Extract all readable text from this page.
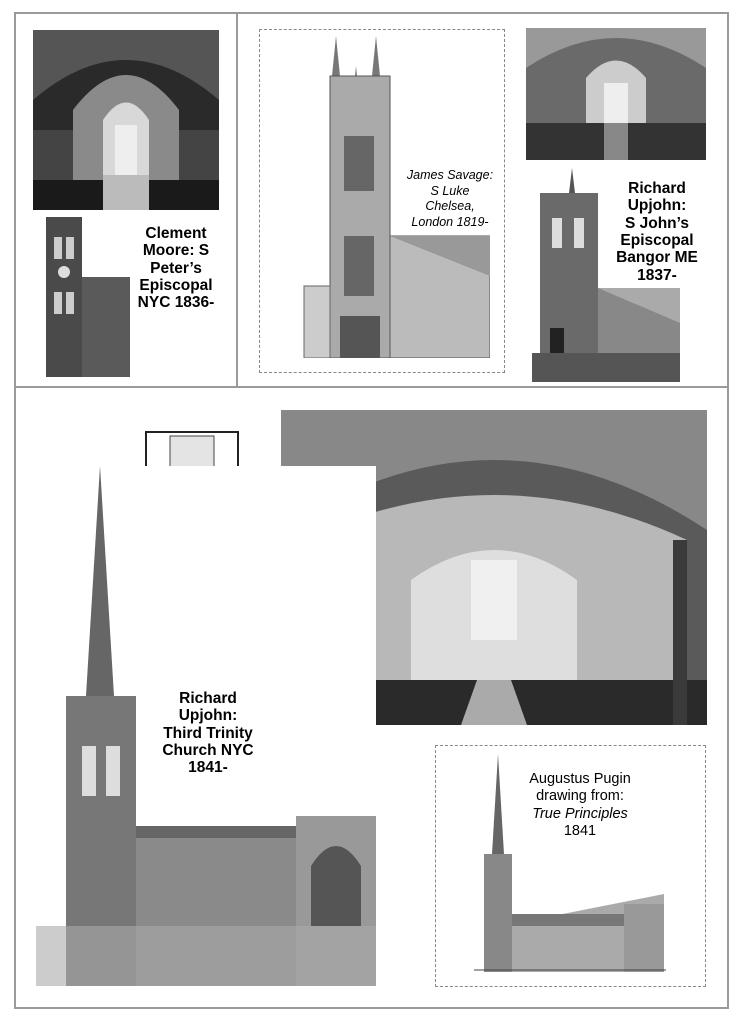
Clement
Moore: S
Peter’s
Episcopal
NYC 1836-
James Savage:
S Luke
Chelsea,
London 1819-
Richard
Upjohn:
S John’s
Episcopal
Bangor ME
1837-
Richard
Upjohn:
Third Trinity
Church NYC
1841-
Augustus Pugin
drawing from:
True Principles
1841
